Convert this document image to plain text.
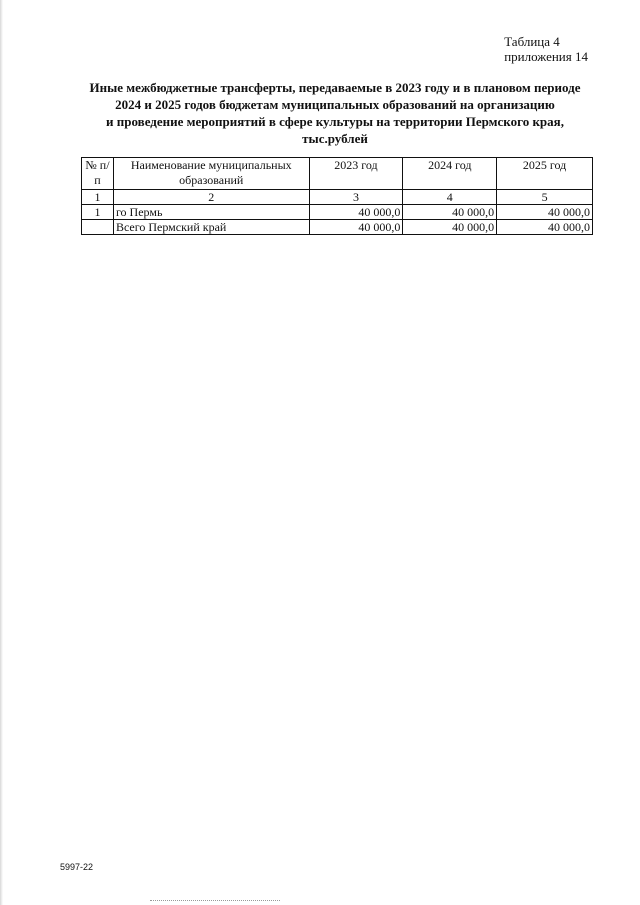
Таблица 4
приложения 14
Иные межбюджетные трансферты, передаваемые в 2023 году и в плановом периоде
2024 и 2025 годов бюджетам муниципальных образований на организацию
и проведение мероприятий в сфере культуры на территории Пермского края,
тыс.рублей
№ п/п	Наименование муниципальных образований	2023 год	2024 год	2025 год
1	2	3	4	5
1	го Пермь	40 000,0	40 000,0	40 000,0
	Всего Пермский край	40 000,0	40 000,0	40 000,0
5997-22
